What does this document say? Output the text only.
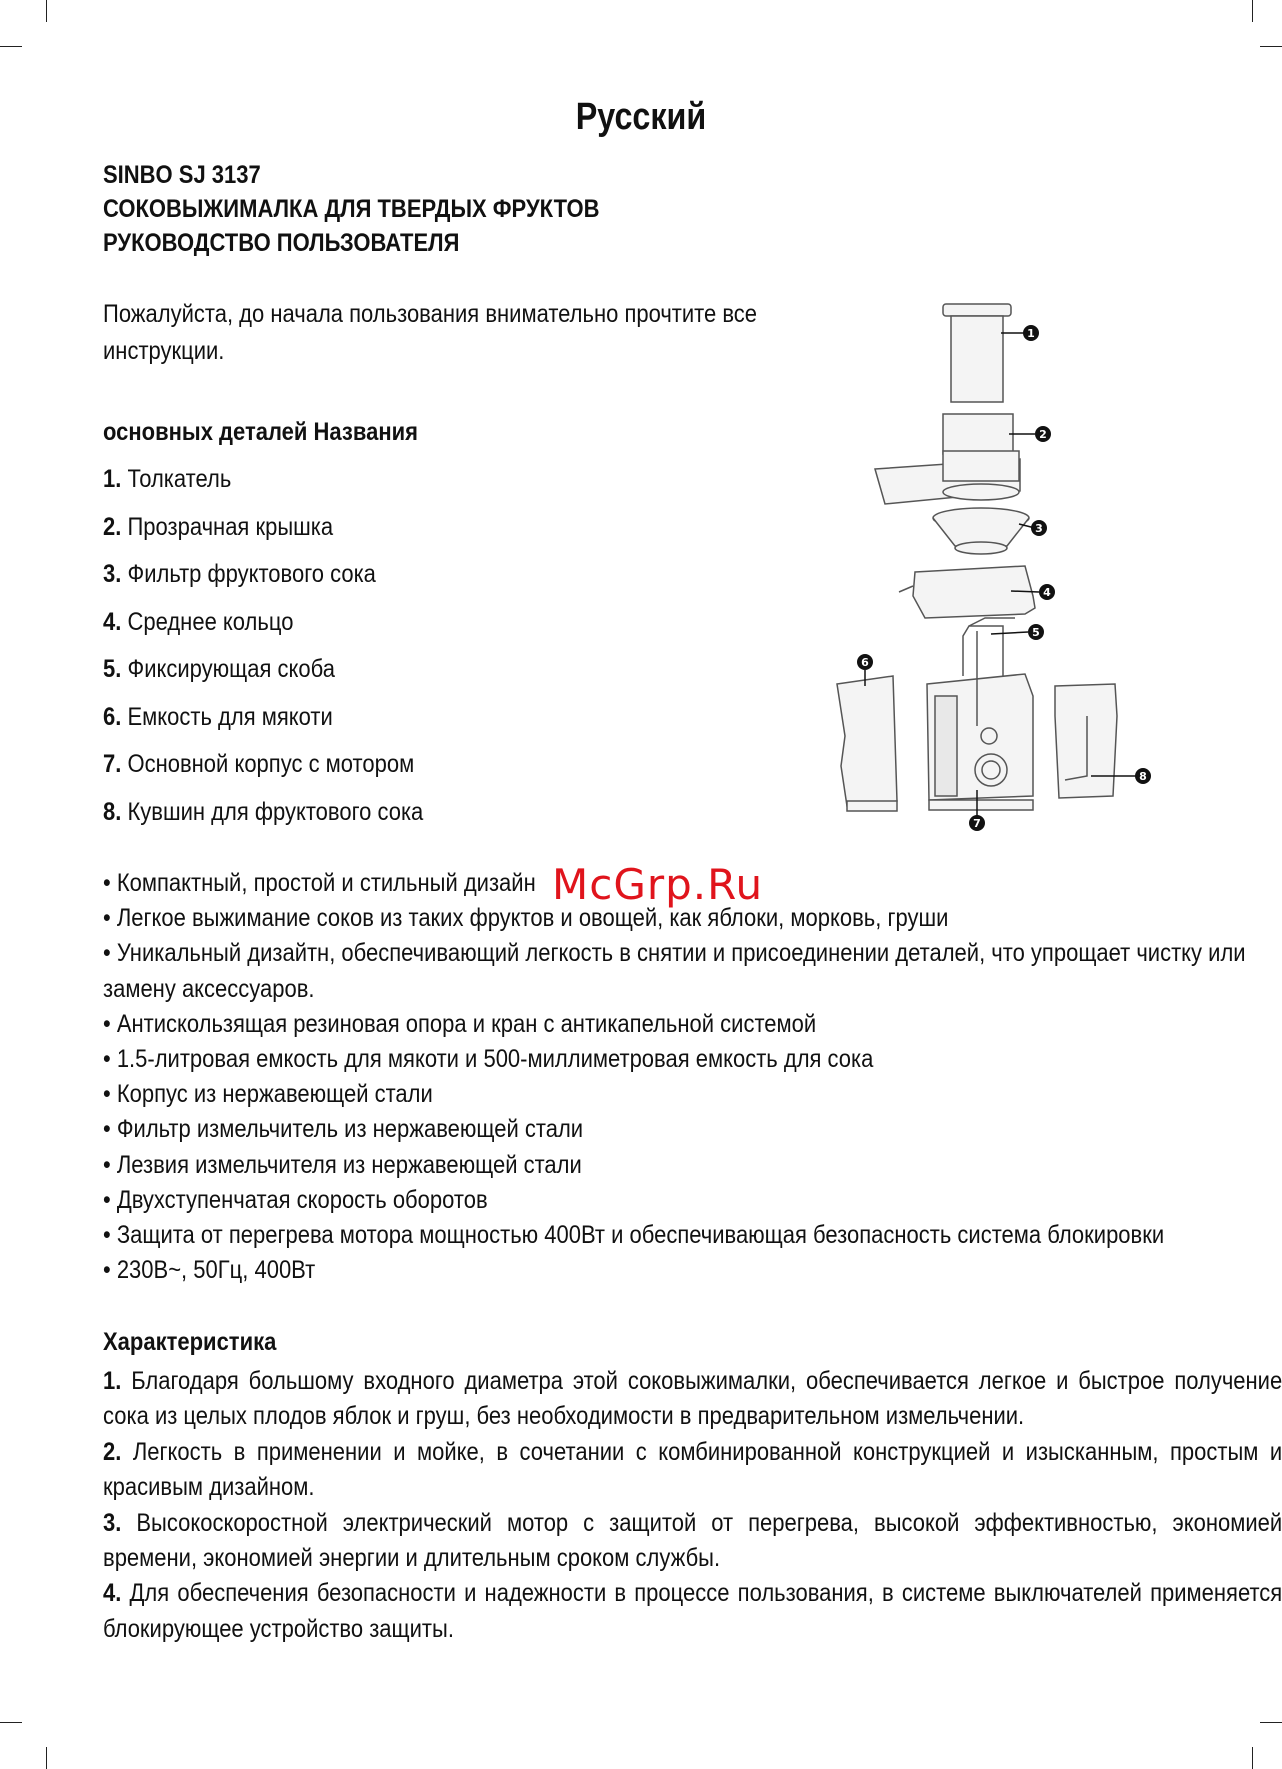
Русский
SINBO SJ 3137
СОКОВЫЖИМАЛКА ДЛЯ ТВЕРДЫХ ФРУКТОВ
РУКОВОДСТВО ПОЛЬЗОВАТЕЛЯ
Пожалуйста, до начала пользования внимательно прочтите все инструкции.
основных деталей Названия
1. Толкатель
2. Прозрачная крышка
3. Фильтр фруктового сока
4. Среднее кольцо
5. Фиксирующая скоба
6. Емкость для мякоти
7. Основной корпус с мотором
8. Кувшин для фруктового сока
1
2
3
4
5
6
7
8
• Компактный, простой и стильный дизайн
• Легкое выжимание соков из таких фруктов и овощей, как яблоки, морковь, груши
• Уникальный дизайтн, обеспечивающий легкость в снятии и присоединении деталей, что упрощает чистку или замену аксессуаров.
• Антискользящая резиновая опора и кран с антикапельной системой
• 1.5-литровая емкость для мякоти и 500-миллиметровая емкость для сока
• Корпус из нержавеющей стали
• Фильтр измельчитель из нержавеющей стали
• Лезвия измельчителя из нержавеющей стали
• Двухступенчатая скорость оборотов
• Защита от перегрева мотора мощностью 400Вт и обеспечивающая безопасность система блокировки
• 230В~, 50Гц, 400Вт
McGrp.Ru
Характеристика

1. Благодаря большому входного диаметра этой соковыжималки, обеспечивается легкое и быстрое получение сока из целых плодов яблок и груш, без необходимости в предварительном измельчении.

2. Легкость в применении и мойке, в сочетании с комбинированной конструкцией и изысканным, простым и красивым дизайном.

3. Высокоскоростной электрический мотор с защитой от перегрева, высокой эффективностью, экономией времени, экономией энергии и длительным сроком службы.

4. Для обеспечения безопасности и надежности в процессе пользования, в системе выключателей применяется блокирующее устройство защиты.
